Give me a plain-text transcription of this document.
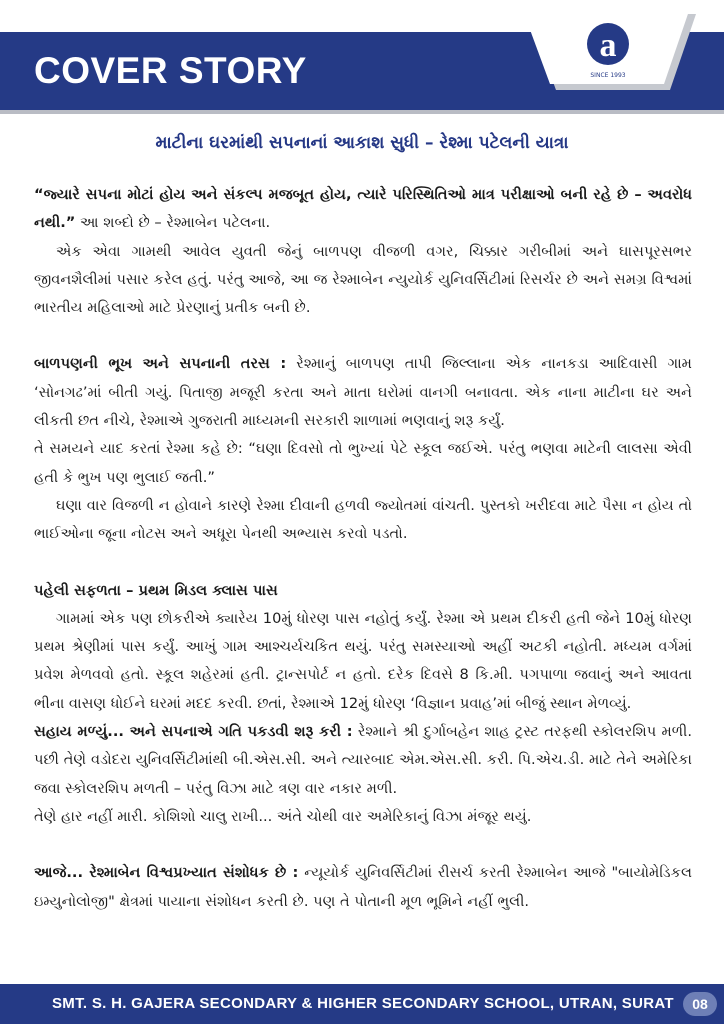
COVER STORY
a
SINCE 1993
માટીના ઘરમાંથી સપનાનાં આકાશ સુધી – રેશ્મા પટેલની યાત્રા

“જ્યારે સપના મોટાં હોય અને સંકલ્પ મજબૂત હોય, ત્યારે પરિસ્થિતિઓ માત્ર પરીક્ષાઓ બની રહે છે – અવરોધ નથી.” આ શબ્દો છે – રેશ્માબેન પટેલના.

એક એવા ગામથી આવેલ યુવતી જેનું બાળપણ વીજળી વગર, ચિક્કાર ગરીબીમાં અને ઘાસપૂરસભર જીવનશૈલીમાં પસાર કરેલ હતું. પરંતુ આજે, આ જ રેશ્માબેન ન્યુયોર્ક યુનિવર્સિટીમાં રિસર્ચર છે અને સમગ્ર વિશ્વમાં ભારતીય મહિલાઓ માટે પ્રેરણાનું પ્રતીક બની છે.

બાળપણની ભૂખ અને સપનાની તરસ : રેશ્માનું બાળપણ તાપી જિલ્લાના એક નાનકડા આદિવાસી ગામ ‘સોનગઢ’માં બીતી ગયું. પિતાજી મજૂરી કરતા અને માતા ઘરોમાં વાનગી બનાવતા. એક નાના માટીના ઘર અને લીકતી છત નીચે, રેશ્માએ ગુજરાતી માધ્યમની સરકારી શાળામાં ભણવાનું શરૂ કર્યું.

તે સમયને યાદ કરતાં રેશ્મા કહે છે: “ઘણા દિવસો તો ભુખ્યાં પેટે સ્કૂલ જઈએ. પરંતુ ભણવા માટેની લાલસા એવી હતી કે ભુખ પણ ભુલાઈ જતી.”

ઘણા વાર વિજળી ન હોવાને કારણે રેશ્મા દીવાની હળવી જ્યોતમાં વાંચતી. પુસ્તકો ખરીદવા માટે પૈસા ન હોય તો ભાઈઓના જૂના નોટસ અને અધૂરા પેનથી અભ્યાસ કરવો પડતો.

પહેલી સફળતા – પ્રથમ મિડલ ક્લાસ પાસ

ગામમાં એક પણ છોકરીએ ક્યારેય 10મું ધોરણ પાસ નહોતું કર્યું. રેશ્મા એ પ્રથમ દીકરી હતી જેને 10મું ધોરણ પ્રથમ શ્રેણીમાં પાસ કર્યું. આખું ગામ આશ્ચર્યચકિત થયું. પરંતુ સમસ્યાઓ અહીં અટકી નહોતી. મધ્યમ વર્ગમાં પ્રવેશ મેળવવો હતો. સ્કૂલ શહેરમાં હતી. ટ્રાન્સપોર્ટ ન હતો. દરેક દિવસે 8 કિ.મી. પગપાળા જવાનું અને આવતા ભીના વાસણ ધોઈને ઘરમાં મદદ કરવી. છતાં, રેશ્માએ 12મું ધોરણ ‘વિજ્ઞાન પ્રવાહ’માં બીજું સ્થાન મેળવ્યું.

સહાય મળ્યું... અને સપનાએ ગતિ પકડવી શરૂ કરી : રેશ્માને શ્રી દુર્ગાબહેન શાહ ટ્રસ્ટ તરફથી સ્કોલરશિપ મળી. પછી તેણે વડોદરા યુનિવર્સિટીમાંથી બી.એસ.સી. અને ત્યારબાદ એમ.એસ.સી. કરી. પિ.એચ.ડી. માટે તેને અમેરિકા જવા સ્કોલરશિપ મળતી – પરંતુ વિઝા માટે ત્રણ વાર નકાર મળી.

તેણે હાર નહીં મારી. કોશિશો ચાલુ રાખી... અંતે ચોથી વાર અમેરિકાનું વિઝા મંજૂર થયું.

આજે... રેશ્માબેન વિશ્વપ્રખ્યાત સંશોધક છે : ન્યૂયોર્ક યુનિવર્સિટીમાં રીસર્ચ કરતી રેશ્માબેન આજે "બાયોમેડિકલ ઇમ્યુનોલોજી" ક્ષેત્રમાં પાયાના સંશોધન કરતી છે. પણ તે પોતાની મૂળ ભૂમિને નહીં ભુલી.

SMT. S. H. GAJERA SECONDARY & HIGHER SECONDARY SCHOOL, UTRAN, SURAT	08
